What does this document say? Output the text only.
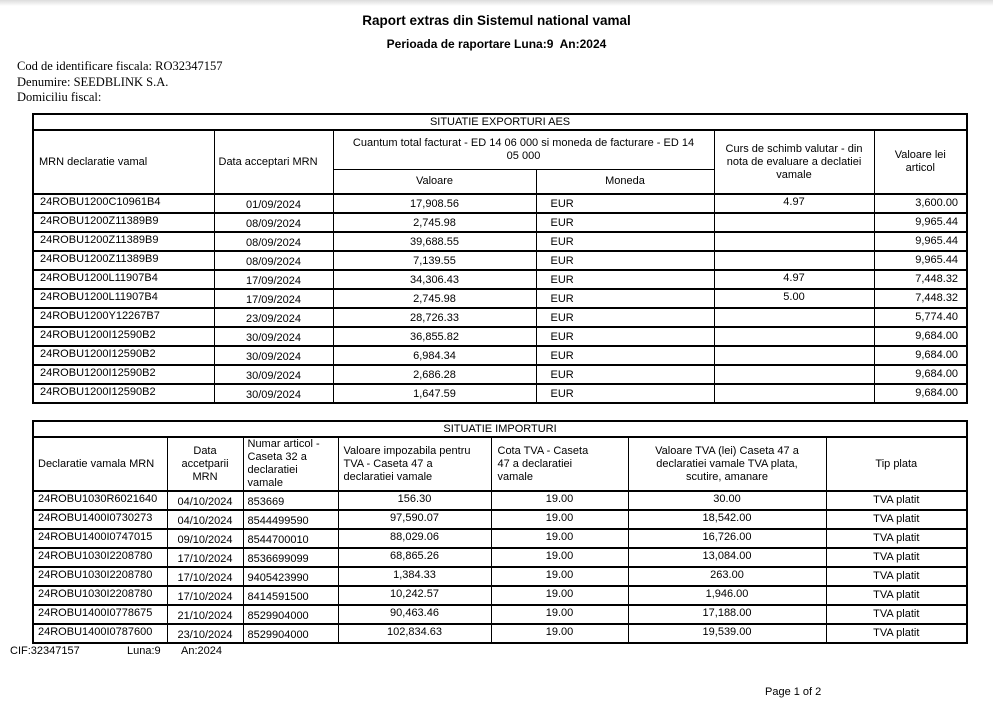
Raport extras din Sistemul national vamal
Perioada de raportare Luna:9  An:2024
Cod de identificare fiscala: RO32347157
Denumire: SEEDBLINK S.A.
Domiciliu fiscal:
SITUATIE EXPORTURI AES					
MRN declaratie vamal	Data acceptari MRN	Cuantum total facturat - ED 14 06 000 si moneda de facturare - ED 14 05 000		Curs de schimb valutar - din nota de evaluare a declatiei vamale	Valoare lei articol
		Valoare	Moneda		
24ROBU1200C10961B4	01/09/2024	17,908.56	EUR	4.97	3,600.00
24ROBU1200Z11389B9	08/09/2024	2,745.98	EUR		9,965.44
24ROBU1200Z11389B9	08/09/2024	39,688.55	EUR		9,965.44
24ROBU1200Z11389B9	08/09/2024	7,139.55	EUR		9,965.44
24ROBU1200L11907B4	17/09/2024	34,306.43	EUR	4.97	7,448.32
24ROBU1200L11907B4	17/09/2024	2,745.98	EUR	5.00	7,448.32
24ROBU1200Y12267B7	23/09/2024	28,726.33	EUR		5,774.40
24ROBU1200I12590B2	30/09/2024	36,855.82	EUR		9,684.00
24ROBU1200I12590B2	30/09/2024	6,984.34	EUR		9,684.00
24ROBU1200I12590B2	30/09/2024	2,686.28	EUR		9,684.00
24ROBU1200I12590B2	30/09/2024	1,647.59	EUR		9,684.00
SITUATIE IMPORTURI						
Declaratie vamala MRN	Data accetparii MRN	Numar articol - Caseta 32 a declaratiei vamale	Valoare impozabila pentru TVA - Caseta 47 a declaratiei vamale	Cota TVA - Caseta 47 a declaratiei vamale	Valoare TVA (lei) Caseta 47 a declaratiei vamale TVA plata, scutire, amanare	Tip plata
24ROBU1030R6021640	04/10/2024	853669	156.30	19.00	30.00	TVA platit
24ROBU1400I0730273	04/10/2024	8544499590	97,590.07	19.00	18,542.00	TVA platit
24ROBU1400I0747015	09/10/2024	8544700010	88,029.06	19.00	16,726.00	TVA platit
24ROBU1030I2208780	17/10/2024	8536699099	68,865.26	19.00	13,084.00	TVA platit
24ROBU1030I2208780	17/10/2024	9405423990	1,384.33	19.00	263.00	TVA platit
24ROBU1030I2208780	17/10/2024	8414591500	10,242.57	19.00	1,946.00	TVA platit
24ROBU1400I0778675	21/10/2024	8529904000	90,463.46	19.00	17,188.00	TVA platit
24ROBU1400I0787600	23/10/2024	8529904000	102,834.63	19.00	19,539.00	TVA platit
CIF:32347157	Luna:9 An:2024
Page 1 of 2
